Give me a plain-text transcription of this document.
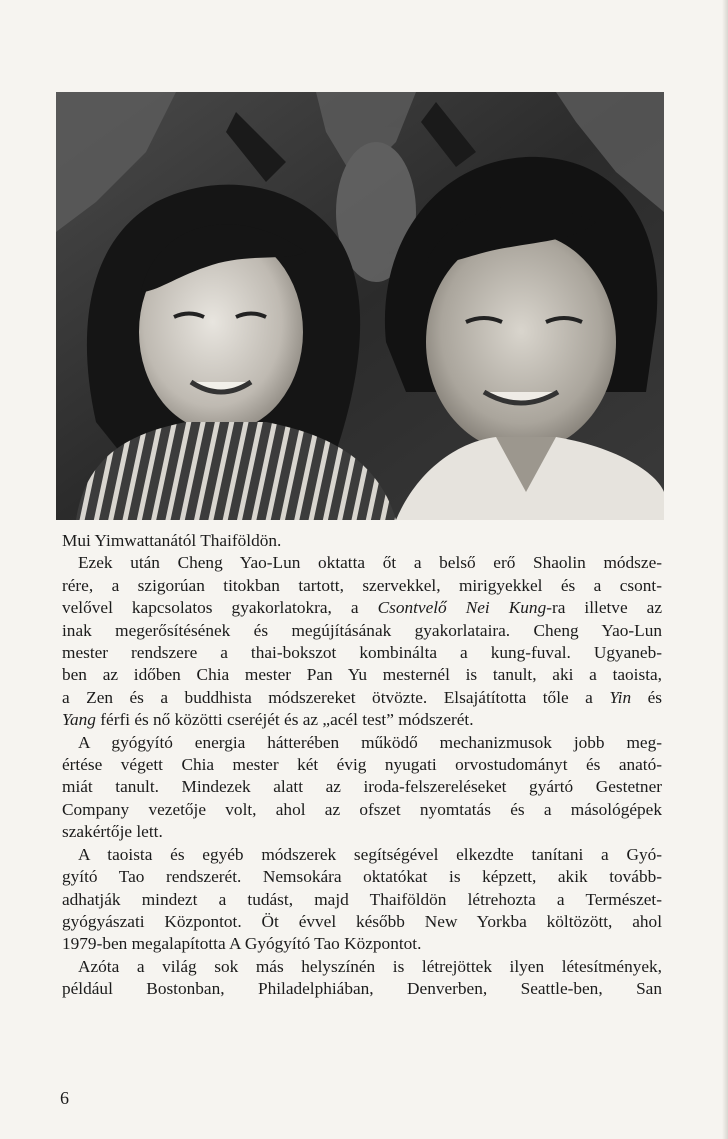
Mui Yimwattanától Thaiföldön.
Ezek után Cheng Yao-Lun oktatta őt a belső erő Shaolin módsze-
rére, a szigorúan titokban tartott, szervekkel, mirigyekkel és a csont-
velővel kapcsolatos gyakorlatokra, a Csontvelő Nei Kung-ra illetve az
inak megerősítésének és megújításának gyakorlataira. Cheng Yao-Lun
mester rendszere a thai-bokszot kombinálta a kung-fuval. Ugyaneb-
ben az időben Chia mester Pan Yu mesternél is tanult, aki a taoista,
a Zen és a buddhista módszereket ötvözte. Elsajátította tőle a Yin és
Yang férfi és nő közötti cseréjét és az „acél test” módszerét.
A gyógyító energia hátterében működő mechanizmusok jobb meg-
értése végett Chia mester két évig nyugati orvostudományt és anató-
miát tanult. Mindezek alatt az iroda-felszereléseket gyártó Gestetner
Company vezetője volt, ahol az ofszet nyomtatás és a másológépek
szakértője lett.
A taoista és egyéb módszerek segítségével elkezdte tanítani a Gyó-
gyító Tao rendszerét. Nemsokára oktatókat is képzett, akik tovább-
adhatják mindezt a tudást, majd Thaiföldön létrehozta a Természet-
gyógyászati Központot. Öt évvel később New Yorkba költözött, ahol
1979-ben megalapította A Gyógyító Tao Központot.
Azóta a világ sok más helyszínén is létrejöttek ilyen létesítmények,
például Bostonban, Philadelphiában, Denverben, Seattle-ben, San
6
